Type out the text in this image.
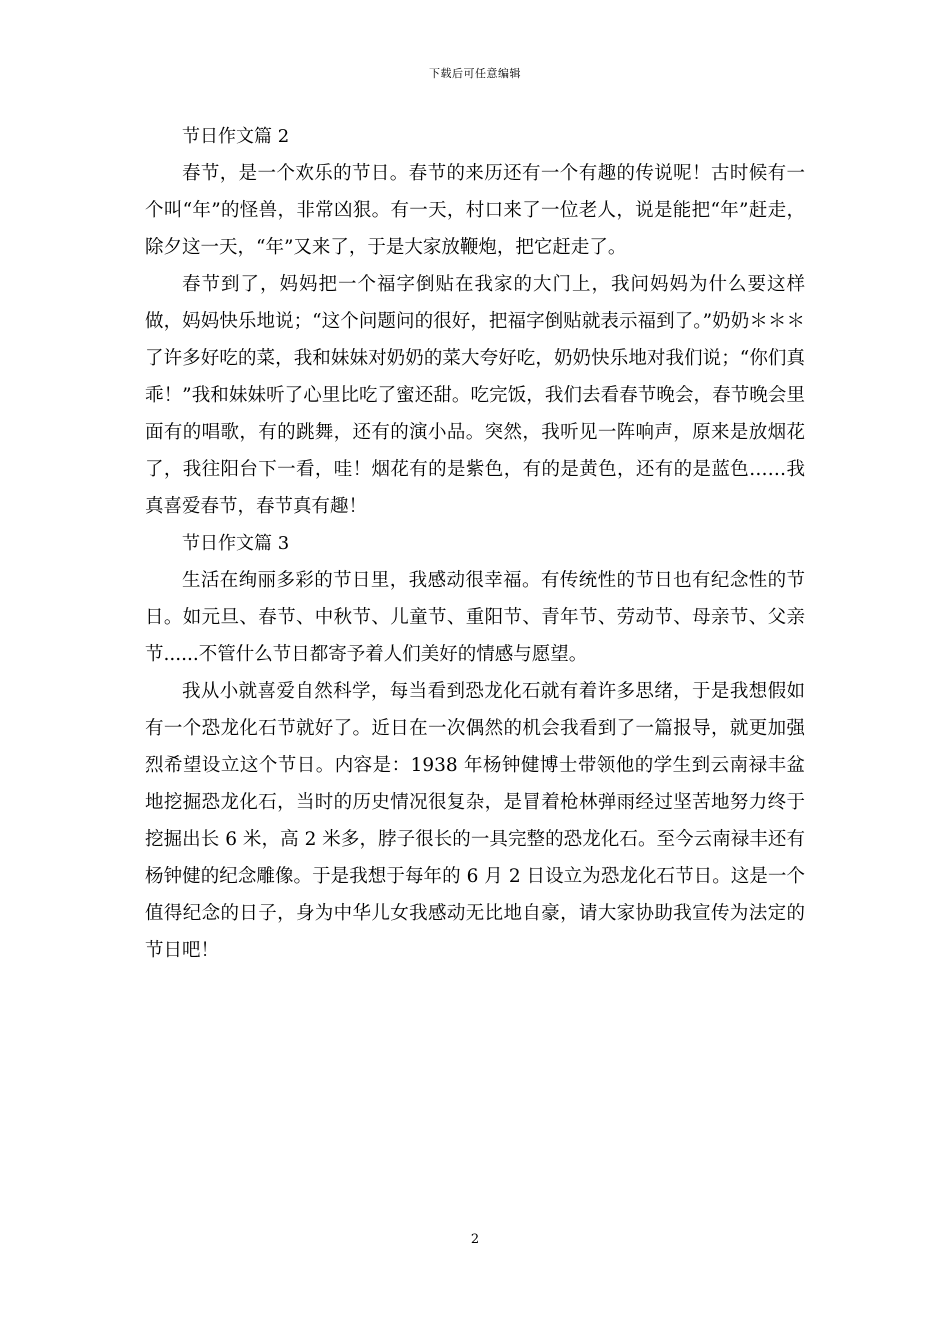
下载后可任意编辑

节日作文篇 2

春节，是一个欢乐的节日。春节的来历还有一个有趣的传说呢！古时候有一个叫“年”的怪兽，非常凶狠。有一天，村口来了一位老人，说是能把“年”赶走，除夕这一天，“年”又来了，于是大家放鞭炮，把它赶走了。

春节到了，妈妈把一个福字倒贴在我家的大门上，我问妈妈为什么要这样做，妈妈快乐地说；“这个问题问的很好，把福字倒贴就表示福到了。”奶奶＊＊＊了许多好吃的菜，我和妹妹对奶奶的菜大夸好吃，奶奶快乐地对我们说；“你们真乖！”我和妹妹听了心里比吃了蜜还甜。吃完饭，我们去看春节晚会，春节晚会里面有的唱歌，有的跳舞，还有的演小品。突然，我听见一阵响声，原来是放烟花了，我往阳台下一看，哇！烟花有的是紫色，有的是黄色，还有的是蓝色……我真喜爱春节，春节真有趣！

节日作文篇 3

生活在绚丽多彩的节日里，我感动很幸福。有传统性的节日也有纪念性的节日。如元旦、春节、中秋节、儿童节、重阳节、青年节、劳动节、母亲节、父亲节......不管什么节日都寄予着人们美好的情感与愿望。

我从小就喜爱自然科学，每当看到恐龙化石就有着许多思绪，于是我想假如有一个恐龙化石节就好了。近日在一次偶然的机会我看到了一篇报导，就更加强烈希望设立这个节日。内容是：1938 年杨钟健博士带领他的学生到云南禄丰盆地挖掘恐龙化石，当时的历史情况很复杂，是冒着枪林弹雨经过坚苦地努力终于挖掘出长 6 米，高 2 米多，脖子很长的一具完整的恐龙化石。至今云南禄丰还有杨钟健的纪念雕像。于是我想于每年的 6 月 2 日设立为恐龙化石节日。这是一个值得纪念的日子，身为中华儿女我感动无比地自豪，请大家协助我宣传为法定的节日吧！

2
